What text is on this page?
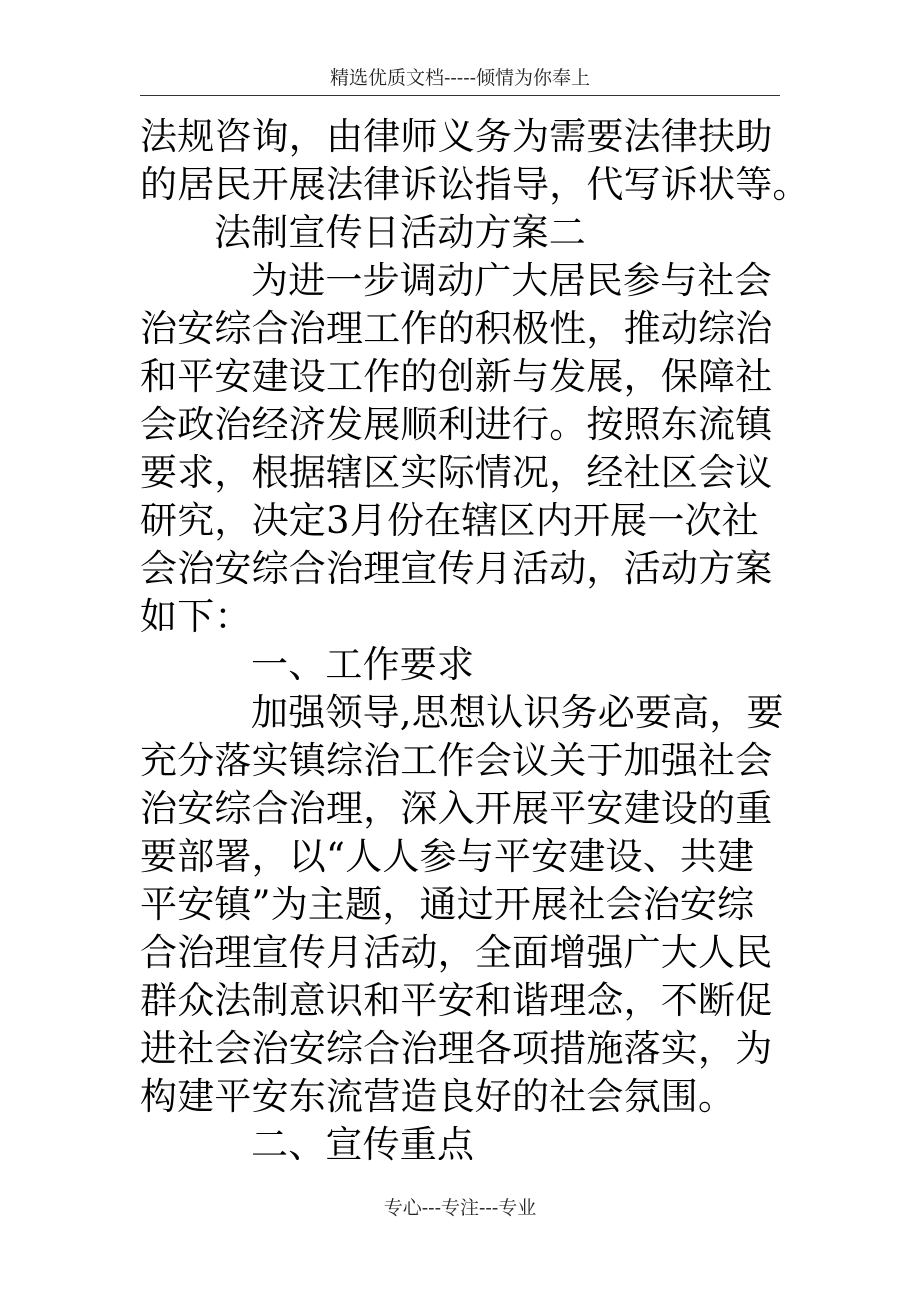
精选优质文档-----倾情为你奉上
法规咨询，由律师义务为需要法律扶助
的居民开展法律诉讼指导，代写诉状等。
法制宣传日活动方案二
为进一步调动广大居民参与社会
治安综合治理工作的积极性，推动综治
和平安建设工作的创新与发展，保障社
会政治经济发展顺利进行。按照东流镇
要求，根据辖区实际情况，经社区会议
研究，决定3月份在辖区内开展一次社
会治安综合治理宣传月活动，活动方案
如下：
一、工作要求
加强领导,思想认识务必要高，要
充分落实镇综治工作会议关于加强社会
治安综合治理，深入开展平安建设的重
要部署，以“人人参与平安建设、共建
平安镇”为主题，通过开展社会治安综
合治理宣传月活动，全面增强广大人民
群众法制意识和平安和谐理念，不断促
进社会治安综合治理各项措施落实，为
构建平安东流营造良好的社会氛围。
二、宣传重点
专心---专注---专业
